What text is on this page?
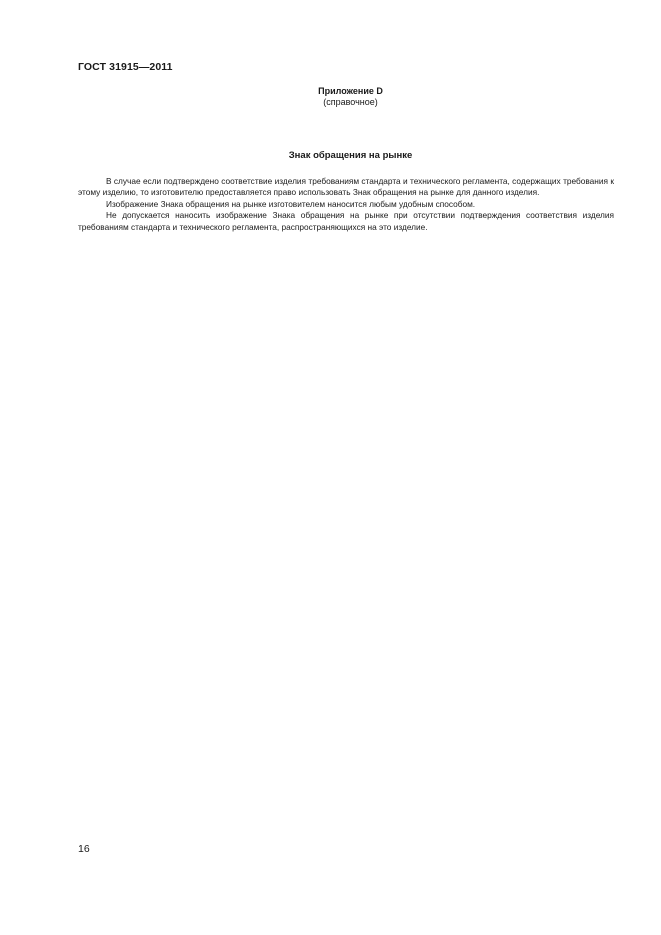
ГОСТ 31915—2011
Приложение D
(справочное)
Знак обращения на рынке

В случае если подтверждено соответствие изделия требованиям стандарта и технического регламента, содержащих требования к этому изделию, то изготовителю предоставляется право использовать Знак обращения на рынке для данного изделия.

Изображение Знака обращения на рынке изготовителем наносится любым удобным способом.

Не допускается наносить изображение Знака обращения на рынке при отсутствии подтверждения соответствия изделия требованиям стандарта и технического регламента, распространяющихся на это изделие.

16
